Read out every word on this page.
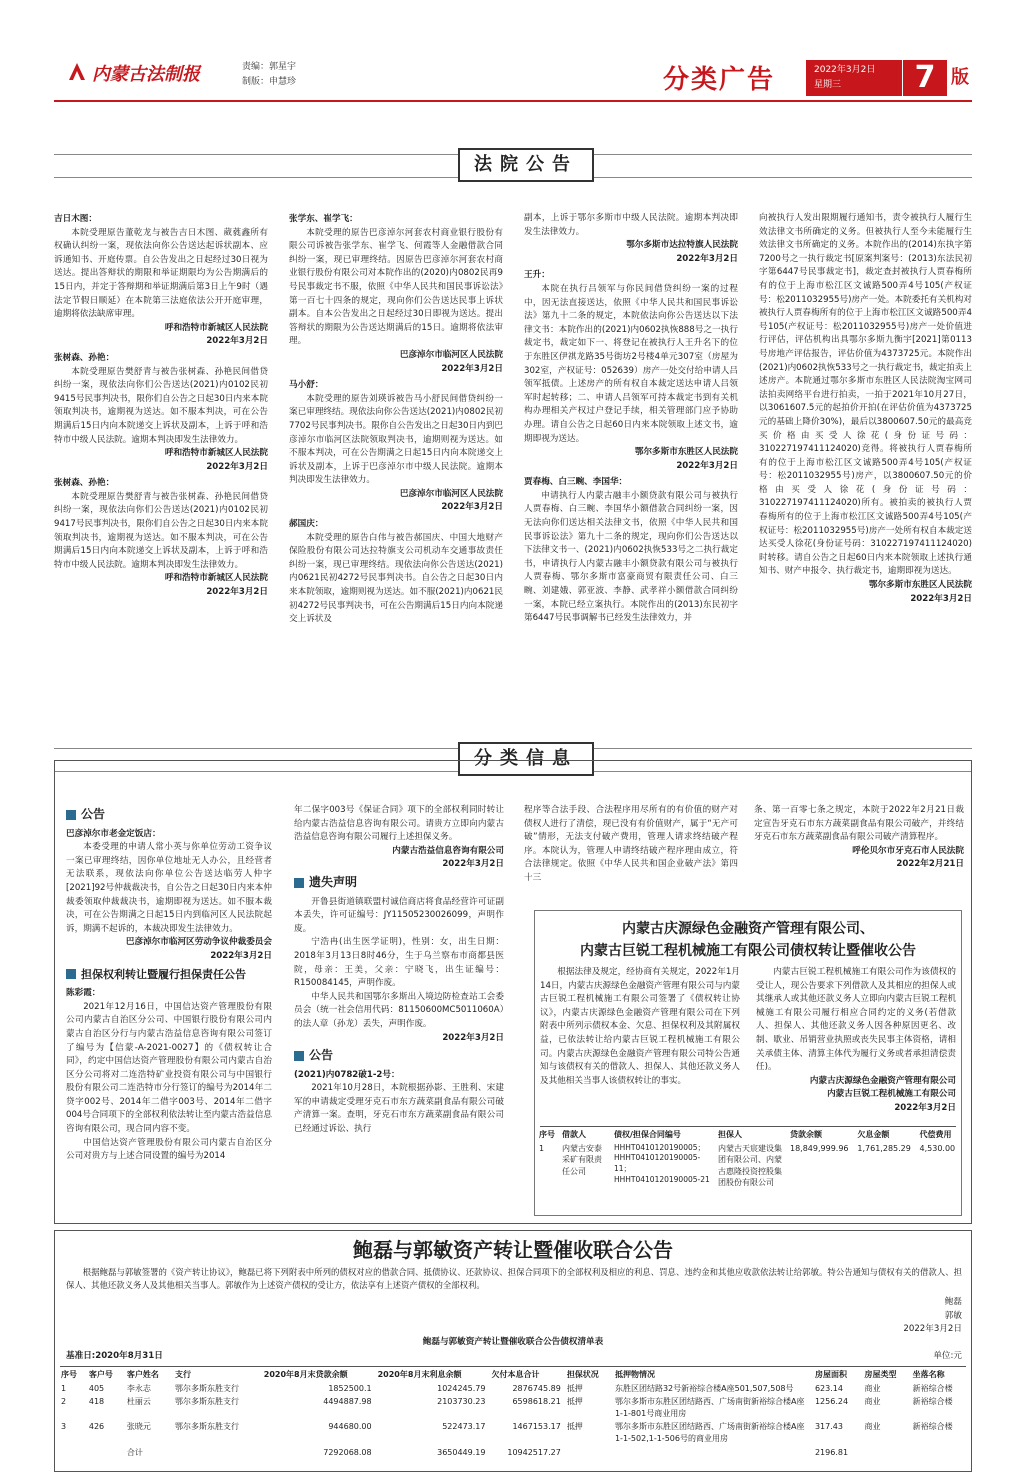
内蒙古法制报	责编：郭星宇
制版：申慧珍	分类广告	2022年3月2日
星期三	7 版
法院公告

吉日木图：

本院受理原告董乾龙与被告吉日木图、葳蕤鑫所有权确认纠纷一案，现依法向你公告送达起诉状副本、应诉通知书、开庭传票。自公告发出之日起经过30日视为送达。提出答辩状的期限和举证期限均为公告期满后的15日内，并定于答辩期和举证期满后第3日上午9时（遇法定节假日顺延）在本院第三法庭依法公开开庭审理，逾期将依法缺席审理。

呼和浩特市新城区人民法院

2022年3月2日

张树森、孙艳：

本院受理原告樊舒青与被告张树森、孙艳民间借贷纠纷一案，现依法向你们公告送达(2021)内0102民初9415号民事判决书，限你们自公告之日起30日内来本院领取判决书，逾期视为送达。如不服本判决，可在公告期满后15日内向本院递交上诉状及副本，上诉于呼和浩特市中级人民法院。逾期本判决即发生法律效力。

呼和浩特市新城区人民法院

2022年3月2日

张树森、孙艳：

本院受理原告樊舒青与被告张树森、孙艳民间借贷纠纷一案，现依法向你们公告送达(2021)内0102民初9417号民事判决书，限你们自公告之日起30日内来本院领取判决书，逾期视为送达。如不服本判决，可在公告期满后15日内向本院递交上诉状及副本，上诉于呼和浩特市中级人民法院。逾期本判决即发生法律效力。

呼和浩特市新城区人民法院

2022年3月2日

张学东、崔学飞：

本院受理的原告巴彦淖尔河套农村商业银行股份有限公司诉被告张学东、崔学飞、何霞等人金融借款合同纠纷一案，现已审理终结。因原告巴彦淖尔河套农村商业银行股份有限公司对本院作出的(2020)内0802民再9号民事裁定书不服，依照《中华人民共和国民事诉讼法》第一百七十四条的规定，现向你们公告送达民事上诉状副本。自本公告发出之日起经过30日即视为送达。提出答辩状的期限为公告送达期满后的15日。逾期将依法审理。

巴彦淖尔市临河区人民法院

2022年3月2日

马小舒：

本院受理的原告刘瑛诉被告马小舒民间借贷纠纷一案已审理终结。现依法向你公告送达(2021)内0802民初7702号民事判决书。限你自公告发出之日起30日内到巴彦淖尔市临河区法院领取判决书，逾期则视为送达。如不服本判决，可在公告期满之日起15日内向本院递交上诉状及副本，上诉于巴彦淖尔市中级人民法院。逾期本判决即发生法律效力。

巴彦淖尔市临河区人民法院

2022年3月2日

郝国庆：

本院受理的原告白伟与被告郝国庆、中国大地财产保险股份有限公司达拉特旗支公司机动车交通事故责任纠纷一案，现已审理终结。现依法向你公告送达(2021)内0621民初4272号民事判决书。自公告之日起30日内来本院领取，逾期则视为送达。如不服(2021)内0621民初4272号民事判决书，可在公告期满后15日内向本院递交上诉状及

副本，上诉于鄂尔多斯市中级人民法院。逾期本判决即发生法律效力。

鄂尔多斯市达拉特旗人民法院

2022年3月2日

王升：

本院在执行吕领军与你民间借贷纠纷一案的过程中，因无法直接送达，依照《中华人民共和国民事诉讼法》第九十二条的规定，本院依法向你公告送达以下法律文书：本院作出的(2021)内0602执恢888号之一执行裁定书，裁定如下一、将登记在被执行人王升名下的位于东胜区伊祺龙路35号街坊2号楼4单元307室（房屋为302室，产权证号：052639）房产一处交付给申请人吕领军抵债。上述房产的所有权自本裁定送达申请人吕领军时起转移；二、申请人吕领军可持本裁定书到有关机构办理相关产权过户登记手续，相关管理部门应予协助办理。请自公告之日起60日内来本院领取上述文书，逾期即视为送达。

鄂尔多斯市东胜区人民法院

2022年3月2日

贾春梅、白三畹、李国华：

申请执行人内蒙古融丰小额贷款有限公司与被执行人贾春梅、白三畹、李国华小额借款合同纠纷一案，因无法向你们送达相关法律文书，依照《中华人民共和国民事诉讼法》第九十二条的规定，现向你们公告送达以下法律文书一、(2021)内0602执恢533号之二执行裁定书，申请执行人内蒙古融丰小额贷款有限公司与被执行人贾春梅、鄂尔多斯市富豪商贸有限责任公司、白三畹、刘建娥、郭亚波、李静、武孝祥小额借款合同纠纷一案，本院已经立案执行。本院作出的(2013)东民初字第6447号民事调解书已经发生法律效力，并

向被执行人发出限期履行通知书，责令被执行人履行生效法律文书所确定的义务。但被执行人至今未能履行生效法律文书所确定的义务。本院作出的(2014)东执字第7200号之一执行裁定书[原案判案号：(2013)东法民初字第6447号民事裁定书]，裁定查封被执行人贾春梅所有的位于上海市松江区文诚路500弄4号105(产权证号：松2011032955号)房产一处。本院委托有关机构对被执行人贾春梅所有的位于上海市松江区文诚路500弄4号105(产权证号：松2011032955号)房产一处价值进行评估，评估机构出具鄂尔多斯九衡宇[2021]第0113号房地产评估报告，评估价值为4373725元。本院作出(2021)内0602执恢533号之一执行裁定书，裁定拍卖上述房产。本院通过鄂尔多斯市东胜区人民法院淘宝网司法拍卖网络平台进行拍卖，一拍于2021年10月27日，以3061607.5元的起拍价开拍(在评估价值为4373725元的基础上降价30%)，最后以3800607.50元的最高竞买价格由买受人徐花(身份证号码：310227197411124020)竞得。将被执行人贾春梅所有的位于上海市松江区文诚路500弄4号105(产权证号：松2011032955号)房产，以3800607.50元的价格由买受人徐花(身份证号码：310227197411124020)所有。被拍卖的被执行人贾春梅所有的位于上海市松江区文诚路500弄4号105(产权证号：松2011032955号)房产一处所有权自本裁定送达买受人徐花(身份证号码：310227197411124020)时转移。请自公告之日起60日内来本院领取上述执行通知书、财产申报令、执行裁定书，逾期即视为送达。

鄂尔多斯市东胜区人民法院

2022年3月2日

分类信息
公告

巴彦淖尔市老金定饭店：

本委受理的申请人常小英与你单位劳动工资争议一案已审理终结，因你单位地址无人办公，且经营者无法联系，现依法向你单位公告送达临劳人仲字[2021]92号仲裁裁决书，自公告之日起30日内来本仲裁委领取仲裁裁决书，逾期即视为送达。如不服本裁决，可在公告期满之日起15日内到临河区人民法院起诉，期满不起诉的，本裁决即发生法律效力。

巴彦淖尔市临河区劳动争议仲裁委员会

2022年3月2日

担保权利转让暨履行担保责任公告

陈彩霞：

2021年12月16日，中国信达资产管理股份有限公司内蒙古自治区分公司、中国银行股份有限公司内蒙古自治区分行与内蒙古浩益信息咨询有限公司签订了编号为【信蒙-A-2021-0027】的《债权转让合同》，约定中国信达资产管理股份有限公司内蒙古自治区分公司将对二连浩特矿业投资有限公司与中国银行股份有限公司二连浩特市分行签订的编号为2014年二贷字002号、2014年二借字003号、2014年二借字004号合同项下的全部权利依法转让至内蒙古浩益信息咨询有限公司，现合同内容不变。

中国信达资产管理股份有限公司内蒙古自治区分公司对贵方与上述合同设置的编号为2014

年二保字003号《保证合同》项下的全部权利同时转让给内蒙古浩益信息咨询有限公司。请贵方立即向内蒙古浩益信息咨询有限公司履行上述担保义务。

内蒙古浩益信息咨询有限公司

2022年3月2日

遗失声明

开鲁县街道镇联盟村诚信商店将食品经营许可证副本丢失，许可证编号：JY11505230026099，声明作废。

宁浩冉(出生医学证明)，性别：女，出生日期：2018年3月13日8时46分，生于乌兰察布市商都县医院，母亲：王美，父亲：宁晓飞，出生证编号：R150084145，声明作废。

中华人民共和国鄂尔多斯出入境边防检查站工会委员会（统一社会信用代码：81150600MC5011060A）的法人章（孙龙）丢失，声明作废。

2022年3月2日

公告

(2021)内0782破1-2号：

2021年10月28日，本院根据孙影、王胜利、宋建军的申请裁定受理牙克石市东方蔬菜副食品有限公司破产清算一案。查明，牙克石市东方蔬菜副食品有限公司已经通过诉讼、执行

程序等合法手段、合法程序用尽所有的有价值的财产对债权人进行了清偿，现已没有有价值财产，属于“无产可破”情形，无法支付破产费用，管理人请求终结破产程序。本院认为，管理人申请终结破产程序理由成立，符合法律规定。依照《中华人民共和国企业破产法》第四十三

条、第一百零七条之规定，本院于2022年2月21日裁定宣告牙克石市东方蔬菜副食品有限公司破产，并终结牙克石市东方蔬菜副食品有限公司破产清算程序。

呼伦贝尔市牙克石市人民法院

2022年2月21日

内蒙古庆源绿色金融资产管理有限公司、
内蒙古巨锐工程机械施工有限公司债权转让暨催收公告

根据法律及规定，经协商有关规定，2022年1月14日，内蒙古庆源绿色金融资产管理有限公司与内蒙古巨锐工程机械施工有限公司签署了《债权转让协议》，内蒙古庆源绿色金融资产管理有限公司在下列附表中所列示债权本金、欠息、担保权利及其附属权益，已依法转让给内蒙古巨锐工程机械施工有限公司。内蒙古庆源绿色金融资产管理有限公司特公告通知与该债权有关的借款人、担保人、其他还款义务人及其他相关当事人该债权转让的事实。

内蒙古巨锐工程机械施工有限公司作为该债权的受让人，现公告要求下列借款人及其相应的担保人或其继承人或其他还款义务人立即向内蒙古巨锐工程机械施工有限公司履行相应合同约定的义务(若借款人、担保人、其他还款义务人因各种原因更名、改制、歇业、吊销营业执照或丧失民事主体资格，请相关承债主体、清算主体代为履行义务或者承担清偿责任)。

内蒙古庆源绿色金融资产管理有限公司

内蒙古巨锐工程机械施工有限公司

2022年3月2日

序号	借款人	债权/担保合同编号	担保人	贷款余额	欠息金额	代偿费用
1	内蒙古安泰采矿有限责任公司	HHHT0410120190005；HHHT0410120190005-11；HHHT0410120190005-21	内蒙古天宸建设集团有限公司、内蒙古惠隆投资控股集团股份有限公司	18,849,999.96	1,761,285.29	4,530.00
鲍磊与郭敏资产转让暨催收联合公告

根据鲍磊与郭敏签署的《资产转让协议》，鲍磊已将下列附表中所列的债权对应的借款合同、抵债协议、还款协议、担保合同项下的全部权利及相应的利息、罚息、违约金和其他应收款依法转让给郭敏。特公告通知与债权有关的借款人、担保人、其他还款义务人及其他相关当事人。郭敏作为上述资产债权的受让方，依法享有上述资产债权的全部权利。

鲍磊

郭敏

2022年3月2日

鲍磊与郭敏资产转让暨催收联合公告债权清单表
基准日:2020年8月31日	单位:元
序号	客户号	客户姓名	支行	2020年8月末贷款余额	2020年8月末利息余额	欠付本息合计	担保状况	抵押物情况	房屋面积	房屋类型	坐落名称
1	405	李永志	鄂尔多斯东胜支行	1852500.1	1024245.79	2876745.89	抵押	东胜区团结路32号新裕综合楼A座501,507,508号	623.14	商业	新裕综合楼
2	418	杜丽云	鄂尔多斯东胜支行	4494887.98	2103730.23	6598618.21	抵押	鄂尔多斯市东胜区团结路西、广场南街新裕综合楼A座1-1-801号商业用房	1256.24	商业	新裕综合楼
3	426	张晓元	鄂尔多斯东胜支行	944680.00	522473.17	1467153.17	抵押	鄂尔多斯市东胜区团结路西、广场南街新裕综合楼A座1-1-502,1-1-506号的商业用房	317.43	商业	新裕综合楼
		合计		7292068.08	3650449.19	10942517.27			2196.81		
